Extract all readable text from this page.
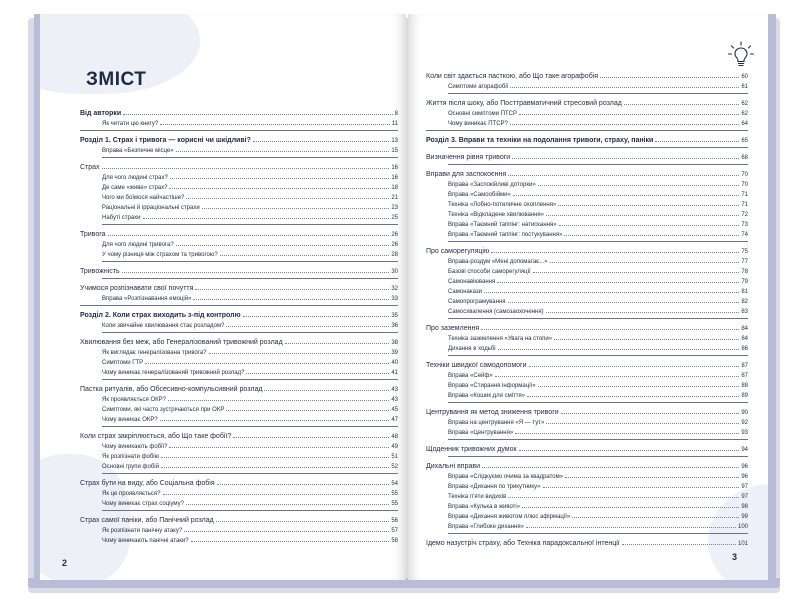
ЗМІСТ
Від авторки	8
Як читати цю книгу?	11
Розділ 1. Страх і тривога — корисні чи шкідливі?	13
Вправа «Безпечне місце»	15
Страх	16
Для чого людині страх?	16
Де саме «живе» страх?	18
Чого ми боїмося найчастіше?	21
Раціональні й ірраціональні страхи	23
Набуті страхи	25
Тривога	26
Для чого людині тривога?	26
У чому різниця між страхом та тривогою?	28
Тривожність	30
Учимося розпізнавати свої почуття	32
Вправа «Розпізнавання емоцій»	33
Розділ 2. Коли страх виходить з-під контролю	35
Коли звичайне хвилювання стає розладом?	36
Хвилювання без меж, або Генералізований тривожний розлад	38
Як виглядає генералізована тривога?	39
Симптоми ГТР	40
Чому виникає генералізований тривожний розлад?	41
Пастка ритуалів, або Обсесивно-компульсивний розлад	43
Як проявляється ОКР?	43
Симптоми, які часто зустрічаються при ОКР	45
Чому виникає ОКР?	47
Коли страх закріплюється, або Що таке фобії?	48
Чому виникають фобії?	49
Як розпізнати фобію	51
Основні групи фобій	52
Страх бути на виду, або Соціальна фобія	54
Як це проявляється?	55
Чому виникає страх соціуму?	55
Страх самої паніки, або Панічний розлад	56
Як розпізнати панічну атаку?	57
Чому виникають панічні атаки?	58
2
Коли світ здається пасткою, або Що таке агорафобія	60
Симптоми агорафобії	61
Життя після шоку, або Посттравматичний стресовий розлад	62
Основні симптоми ПТСР	62
Чому виникає ПТСР?	64
Розділ 3. Вправи та техніки на подолання тривоги, страху, паніки	65
Визначення рівня тривоги	68
Вправи для заспокоєння	70
Вправа «Заспокійливі доторки»	70
Вправа «Самообійми»	71
Техніка «Лобно-потиличне охоплення»	71
Техніка «Відкладене хвилювання»	72
Вправа «Таємний таппінг: натискання»	73
Вправа «Таємний таппінг: постукування»	74
Про саморегуляцію	75
Вправа-роздум «Мені допомагає...»	77
Базові способи саморегуляції	78
Самонавіювання	79
Самонакази	81
Самопрограмування	82
Самосхвалення (самозаохочення)	83
Про заземлення	84
Техніка заземлення «Увага на стопи»	84
Дихання в ходьбі	86
Техніки швидкої самодопомоги	87
Вправа «Сейф»	87
Вправа «Стирання інформації»	88
Вправа «Кошик для сміття»	89
Центрування як метод зниження тривоги	90
Вправа на центрування «Я — тут»	92
Вправа «Центрування»	93
Щоденник тривожних думок	94
Дихальні вправи	96
Вправа «Слідкуємо очима за квадратом»	96
Вправа «Дихання по трикутнику»	97
Техніка п'яти видихів	97
Вправа «Кулька в животі»	98
Вправа «Дихання животом плюс афірмації»	99
Вправа «Глибоке дихання»	100
Ідемо назустріч страху, або Техніка парадоксальної інтенції	101
3
